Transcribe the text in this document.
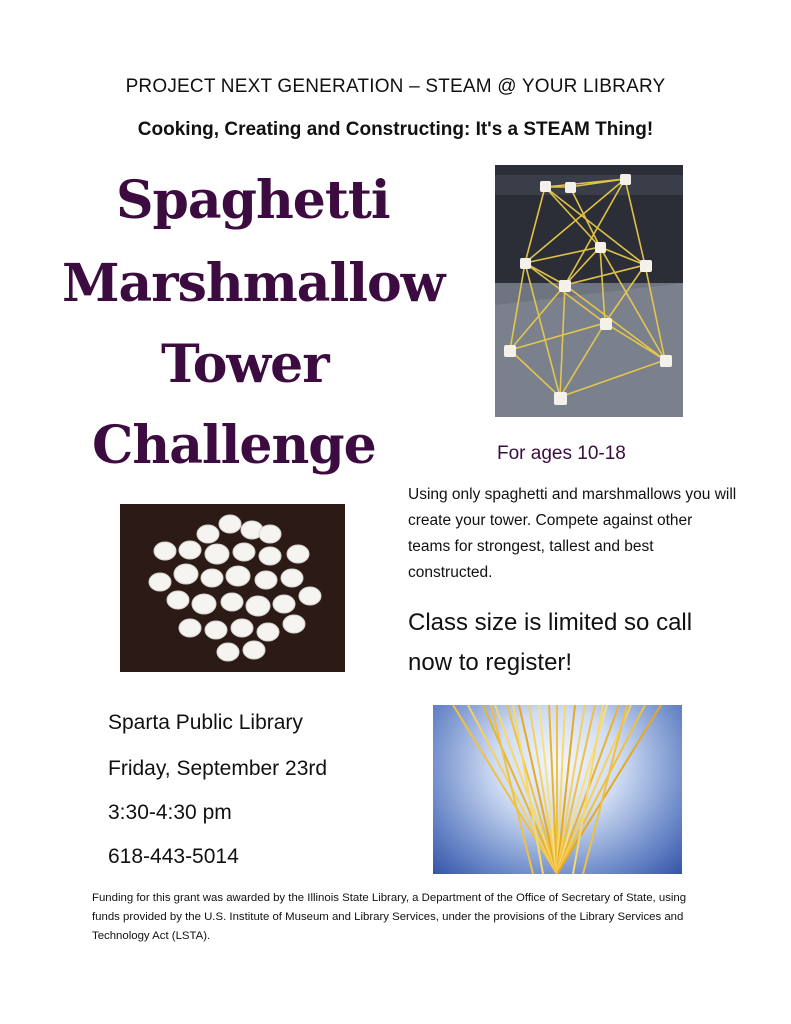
PROJECT NEXT GENERATION – STEAM @ YOUR LIBRARY
Cooking, Creating and Constructing: It's a STEAM Thing!
Spaghetti
Marshmallow
Tower
Challenge	For ages 10-18
Using only spaghetti and marshmallows you will create your tower. Compete against other teams for strongest, tallest and best constructed.
Class size is limited so call now to register!
Sparta Public Library
Friday, September 23rd
3:30-4:30 pm
618-443-5014
Funding for this grant was awarded by the Illinois State Library, a Department of the Office of Secretary of State, using funds provided by the U.S. Institute of Museum and Library Services, under the provisions of the Library Services and Technology Act (LSTA).
